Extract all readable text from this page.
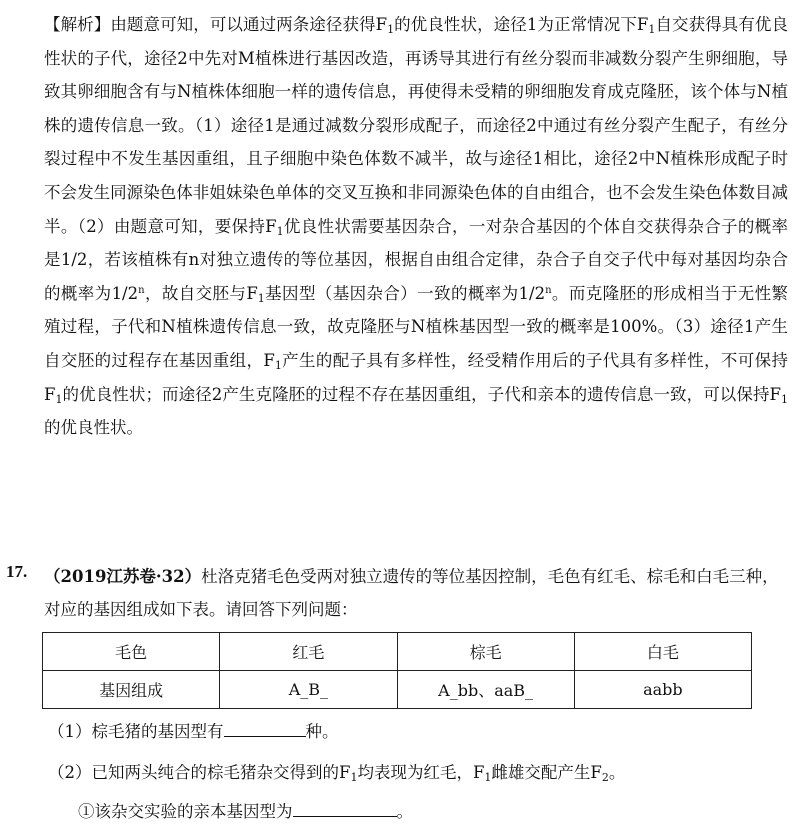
【解析】由题意可知，可以通过两条途径获得$F_1$的优良性状，途径1为正常情况下$F_1$自交获得具有优良性状的子代，途径2中先对M植株进行基因改造，再诱导其进行有丝分裂而非减数分裂产生卵细胞，导致其卵细胞含有与N植株体细胞一样的遗传信息，再使得未受精的卵细胞发育成克隆胚，该个体与N植株的遗传信息一致。（1）途径1是通过减数分裂形成配子，而途径2中通过有丝分裂产生配子，有丝分裂过程中不发生基因重组，且子细胞中染色体数不减半，故与途径1相比，途径2中N植株形成配子时不会发生同源染色体非姐妹染色单体的交叉互换和非同源染色体的自由组合，也不会发生染色体数目减半。（2）由题意可知，要保持$F_1$优良性状需要基因杂合，一对杂合基因的个体自交获得杂合子的概率是1/2，若该植株有n对独立遗传的等位基因，根据自由组合定律，杂合子自交子代中每对基因均杂合的概率为1/2$^n$，故自交胚与$F_1$基因型（基因杂合）一致的概率为1/2$^n$。而克隆胚的形成相当于无性繁殖过程，子代和N植株遗传信息一致，故克隆胚与N植株基因型一致的概率是100%。（3）途径1产生自交胚的过程存在基因重组，$F_1$产生的配子具有多样性，经受精作用后的子代具有多样性，不可保持$F_1$的优良性状；而途径2产生克隆胚的过程不存在基因重组，子代和亲本的遗传信息一致，可以保持$F_1$的优良性状。
17. （2019江苏卷·32）杜洛克猪毛色受两对独立遗传的等位基因控制，毛色有红毛、棕毛和白毛三种，对应的基因组成如下表。请回答下列问题：
毛色	红毛	棕毛	白毛
基因组成	A_B_	A_bb、aaB_	aabb
（1）棕毛猪的基因型有	种。
（2）已知两头纯合的棕毛猪杂交得到的$F_1$均表现为红毛，$F_1$雌雄交配产生$F_2$。
①该杂交实验的亲本基因型为	。
